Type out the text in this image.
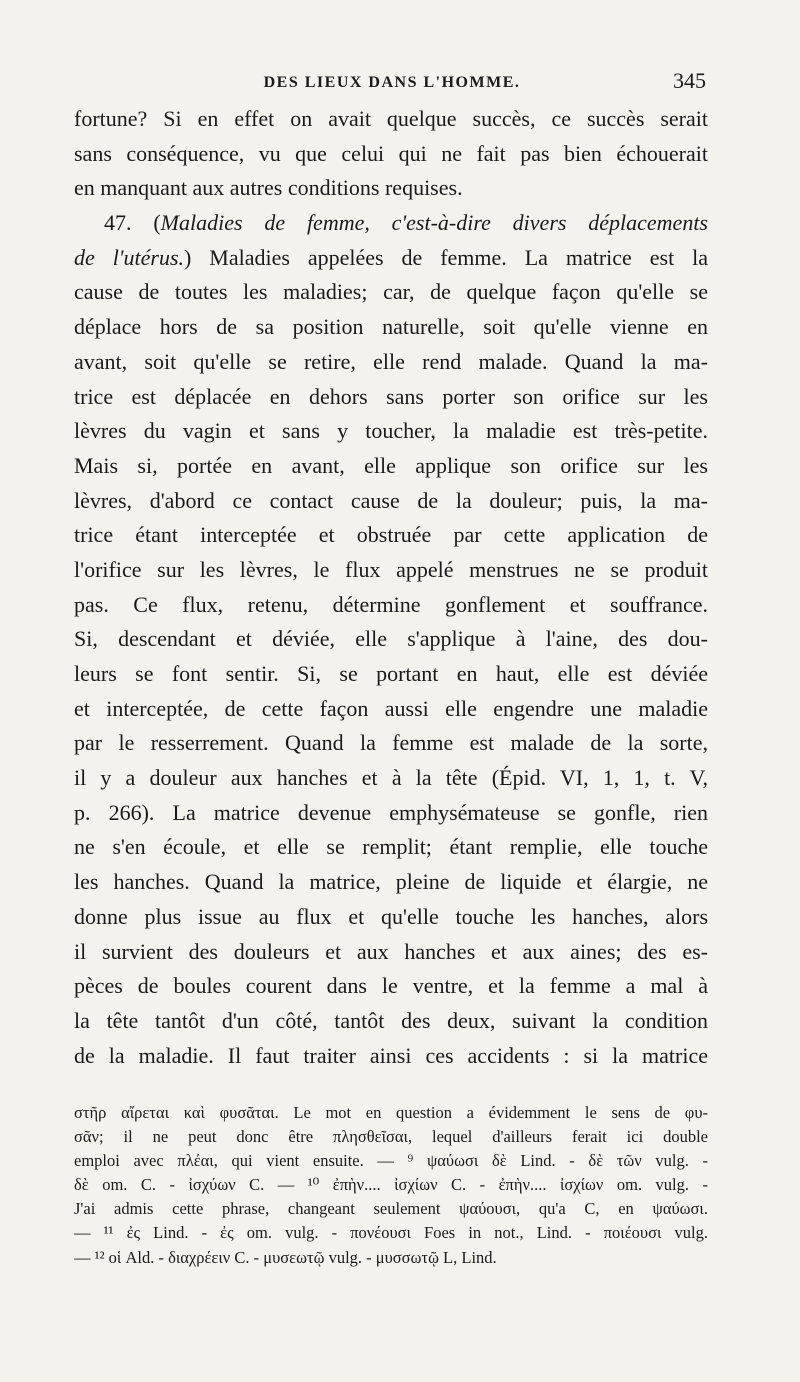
DES LIEUX DANS L'HOMME.	345
fortune? Si en effet on avait quelque succès, ce succès serait
sans conséquence, vu que celui qui ne fait pas bien échouerait
en manquant aux autres conditions requises.
47. (Maladies de femme, c'est-à-dire divers déplacements
de l'utérus.) Maladies appelées de femme. La matrice est la
cause de toutes les maladies; car, de quelque façon qu'elle se
déplace hors de sa position naturelle, soit qu'elle vienne en
avant, soit qu'elle se retire, elle rend malade. Quand la ma-
trice est déplacée en dehors sans porter son orifice sur les
lèvres du vagin et sans y toucher, la maladie est très-petite.
Mais si, portée en avant, elle applique son orifice sur les
lèvres, d'abord ce contact cause de la douleur; puis, la ma-
trice étant interceptée et obstruée par cette application de
l'orifice sur les lèvres, le flux appelé menstrues ne se produit
pas. Ce flux, retenu, détermine gonflement et souffrance.
Si, descendant et déviée, elle s'applique à l'aine, des dou-
leurs se font sentir. Si, se portant en haut, elle est déviée
et interceptée, de cette façon aussi elle engendre une maladie
par le resserrement. Quand la femme est malade de la sorte,
il y a douleur aux hanches et à la tête (Épid. VI, 1, 1, t. V,
p. 266). La matrice devenue emphysémateuse se gonfle, rien
ne s'en écoule, et elle se remplit; étant remplie, elle touche
les hanches. Quand la matrice, pleine de liquide et élargie, ne
donne plus issue au flux et qu'elle touche les hanches, alors
il survient des douleurs et aux hanches et aux aines; des es-
pèces de boules courent dans le ventre, et la femme a mal à
la tête tantôt d'un côté, tantôt des deux, suivant la condition
de la maladie. Il faut traiter ainsi ces accidents : si la matrice
στῆρ αἴρεται καὶ φυσᾶται. Le mot en question a évidemment le sens de φυ-
σᾶν; il ne peut donc être πλησθεῖσαι, lequel d'ailleurs ferait ici double
emploi avec πλέαι, qui vient ensuite. — ⁹ ψαύωσι δὲ Lind. - δὲ τῶν vulg. -
δὲ om. C. - ἰσχύων C. — ¹⁰ ἐπὴν.... ἰσχίων C. - ἐπὴν.... ἰσχίων om. vulg. -
J'ai admis cette phrase, changeant seulement ψαύουσι, qu'a C, en ψαύωσι.
— ¹¹ ἐς Lind. - ἐς om. vulg. - πονέουσι Foes in not., Lind. - ποιέουσι vulg.
— ¹² οἱ Ald. - διαχρέειν C. - μυσεωτῷ vulg. - μυσσωτῷ L, Lind.
